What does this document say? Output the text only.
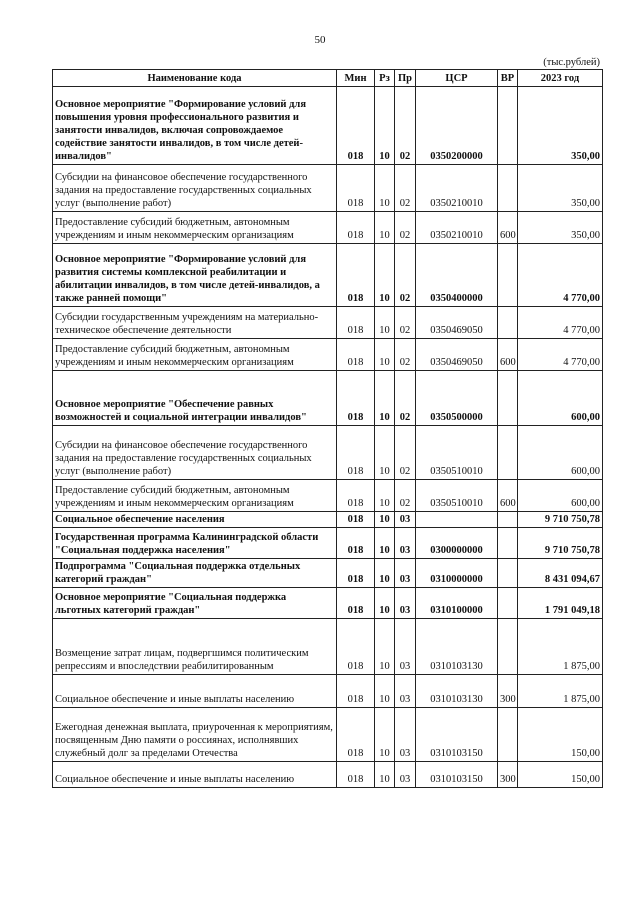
50
(тыс.рублей)
Наименование кода	Мин	Рз	Пр	ЦСР	ВР	2023 год
Основное мероприятие "Формирование условий для повышения уровня профессионального развития и занятости инвалидов, включая сопровождаемое содействие занятости инвалидов, в том числе детей-инвалидов"	018	10	02	0350200000		350,00
Субсидии на финансовое обеспечение государственного задания на предоставление государственных социальных услуг (выполнение работ)	018	10	02	0350210010		350,00
Предоставление субсидий бюджетным, автономным учреждениям и иным некоммерческим организациям	018	10	02	0350210010	600	350,00
Основное мероприятие "Формирование условий для развития системы комплексной реабилитации и абилитации инвалидов, в том числе детей-инвалидов, а также ранней помощи"	018	10	02	0350400000		4 770,00
Субсидии государственным учреждениям на материально-техническое обеспечение деятельности	018	10	02	0350469050		4 770,00
Предоставление субсидий бюджетным, автономным учреждениям и иным некоммерческим организациям	018	10	02	0350469050	600	4 770,00
Основное мероприятие "Обеспечение равных возможностей и социальной интеграции инвалидов"	018	10	02	0350500000		600,00
Субсидии на финансовое обеспечение государственного задания на предоставление государственных социальных услуг (выполнение работ)	018	10	02	0350510010		600,00
Предоставление субсидий бюджетным, автономным учреждениям и иным некоммерческим организациям	018	10	02	0350510010	600	600,00
Социальное обеспечение населения	018	10	03			9 710 750,78
Государственная программа Калининградской области "Социальная поддержка населения"	018	10	03	0300000000		9 710 750,78
Подпрограмма "Социальная поддержка отдельных категорий граждан"	018	10	03	0310000000		8 431 094,67
Основное мероприятие "Социальная поддержка льготных категорий граждан"	018	10	03	0310100000		1 791 049,18
Возмещение затрат лицам, подвергшимся политическим репрессиям и впоследствии реабилитированным	018	10	03	0310103130		1 875,00
Социальное обеспечение и иные выплаты населению	018	10	03	0310103130	300	1 875,00
Ежегодная денежная выплата, приуроченная к мероприятиям, посвященным Дню памяти о россиянах, исполнявших служебный долг за пределами Отечества	018	10	03	0310103150		150,00
Социальное обеспечение и иные выплаты населению	018	10	03	0310103150	300	150,00
